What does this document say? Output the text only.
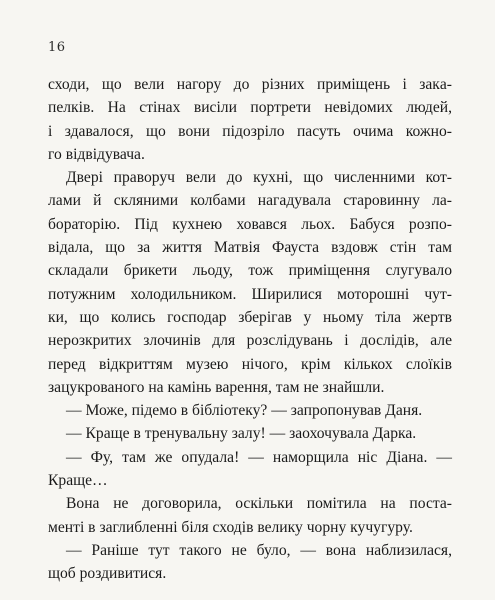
16
сходи, що вели нагору до різних приміщень і закa-
пелків. На стінах висіли портрети невідомих людей,
і здавалося, що вони підозріло пасуть очима кожно-
го відвідувача.
Двері праворуч вели до кухні, що численними кот-
лами й скляними колбами нагадувала старовинну ла-
бораторію. Під кухнею ховався льох. Бабуся розпо-
відала, що за життя Матвія Фауста вздовж стін там
складали брикети льоду, тож приміщення слугувало
потужним холодильником. Ширилися моторошні чут-
ки, що колись господар зберігав у ньому тіла жертв
нерозкритих злочинів для розслідувань і дослідів, але
перед відкриттям музею нічого, крім кількох слоїків
зацукрованого на камінь варення, там не знайшли.
— Може, підемо в бібліотеку? — запропонував Даня.
— Краще в тренувальну залу! — заохочувала Дарка.
— Фу, там же опудала! — наморщила ніс Діана. —
Краще…
Вона не договорила, оскільки помітила на поста-
менті в заглибленні біля сходів велику чорну кучугуру.
— Раніше тут такого не було, — вона наблизилася,
щоб роздивитися.
